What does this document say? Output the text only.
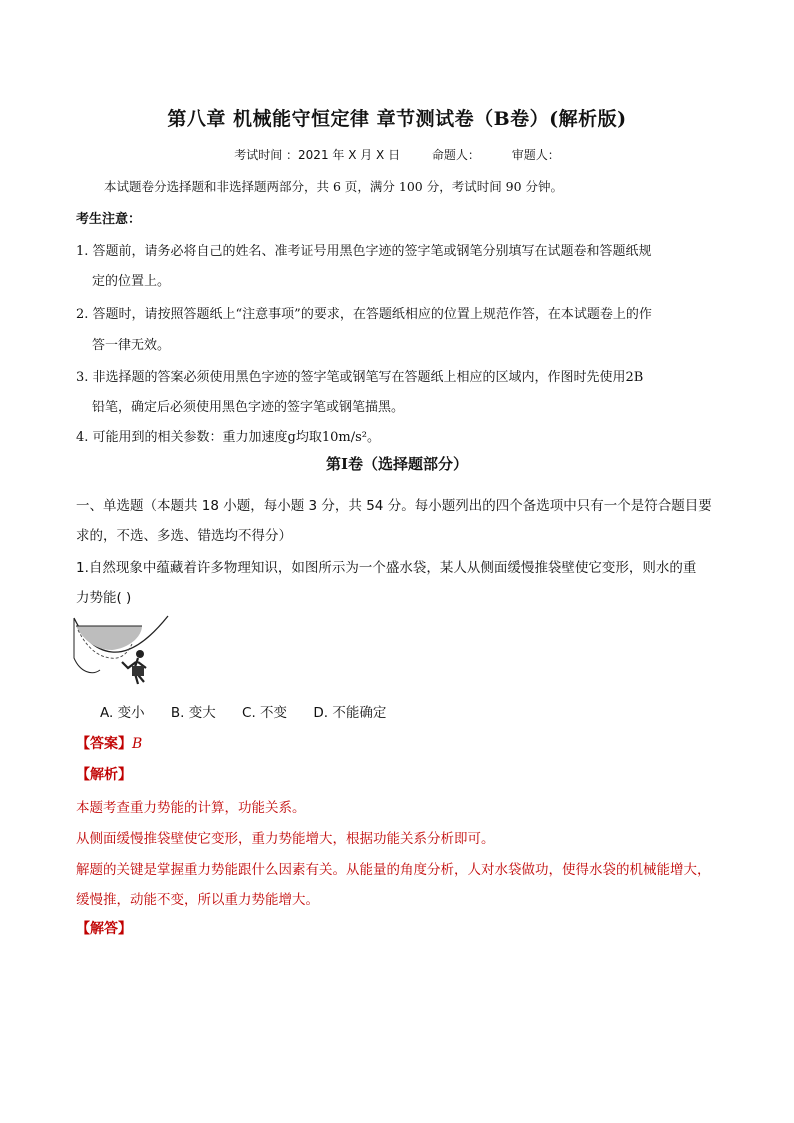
第八章 机械能守恒定律 章节测试卷（B卷）(解析版)
考试时间 ：2021 年 X 月 X 日	命题人：	审题人：
本试题卷分选择题和非选择题两部分，共 6 页，满分 100 分，考试时间 90 分钟。
考生注意：
1. 答题前，请务必将自己的姓名、准考证号用黑色字迹的签字笔或钢笔分别填写在试题卷和答题纸规
定的位置上。
2. 答题时，请按照答题纸上“注意事项”的要求，在答题纸相应的位置上规范作答，在本试题卷上的作
答一律无效。
3. 非选择题的答案必须使用黑色字迹的签字笔或钢笔写在答题纸上相应的区域内，作图时先使用2B
铅笔，确定后必须使用黑色字迹的签字笔或钢笔描黑。
4. 可能用到的相关参数：重力加速度g均取10m/s²。
第Ⅰ卷（选择题部分）
一、单选题（本题共 18 小题，每小题 3 分，共 54 分。每小题列出的四个备选项中只有一个是符合题目要
求的，不选、多选、错选均不得分）
1.自然现象中蕴藏着许多物理知识，如图所示为一个盛水袋，某人从侧面缓慢推袋壁使它变形，则水的重
力势能( )
A. 变小 B. 变大 C. 不变 D. 不能确定
【答案】B
【解析】
本题考查重力势能的计算，功能关系。
从侧面缓慢推袋壁使它变形，重力势能增大，根据功能关系分析即可。
解题的关键是掌握重力势能跟什么因素有关。从能量的角度分析，人对水袋做功，使得水袋的机械能增大，
缓慢推，动能不变，所以重力势能增大。
【解答】
